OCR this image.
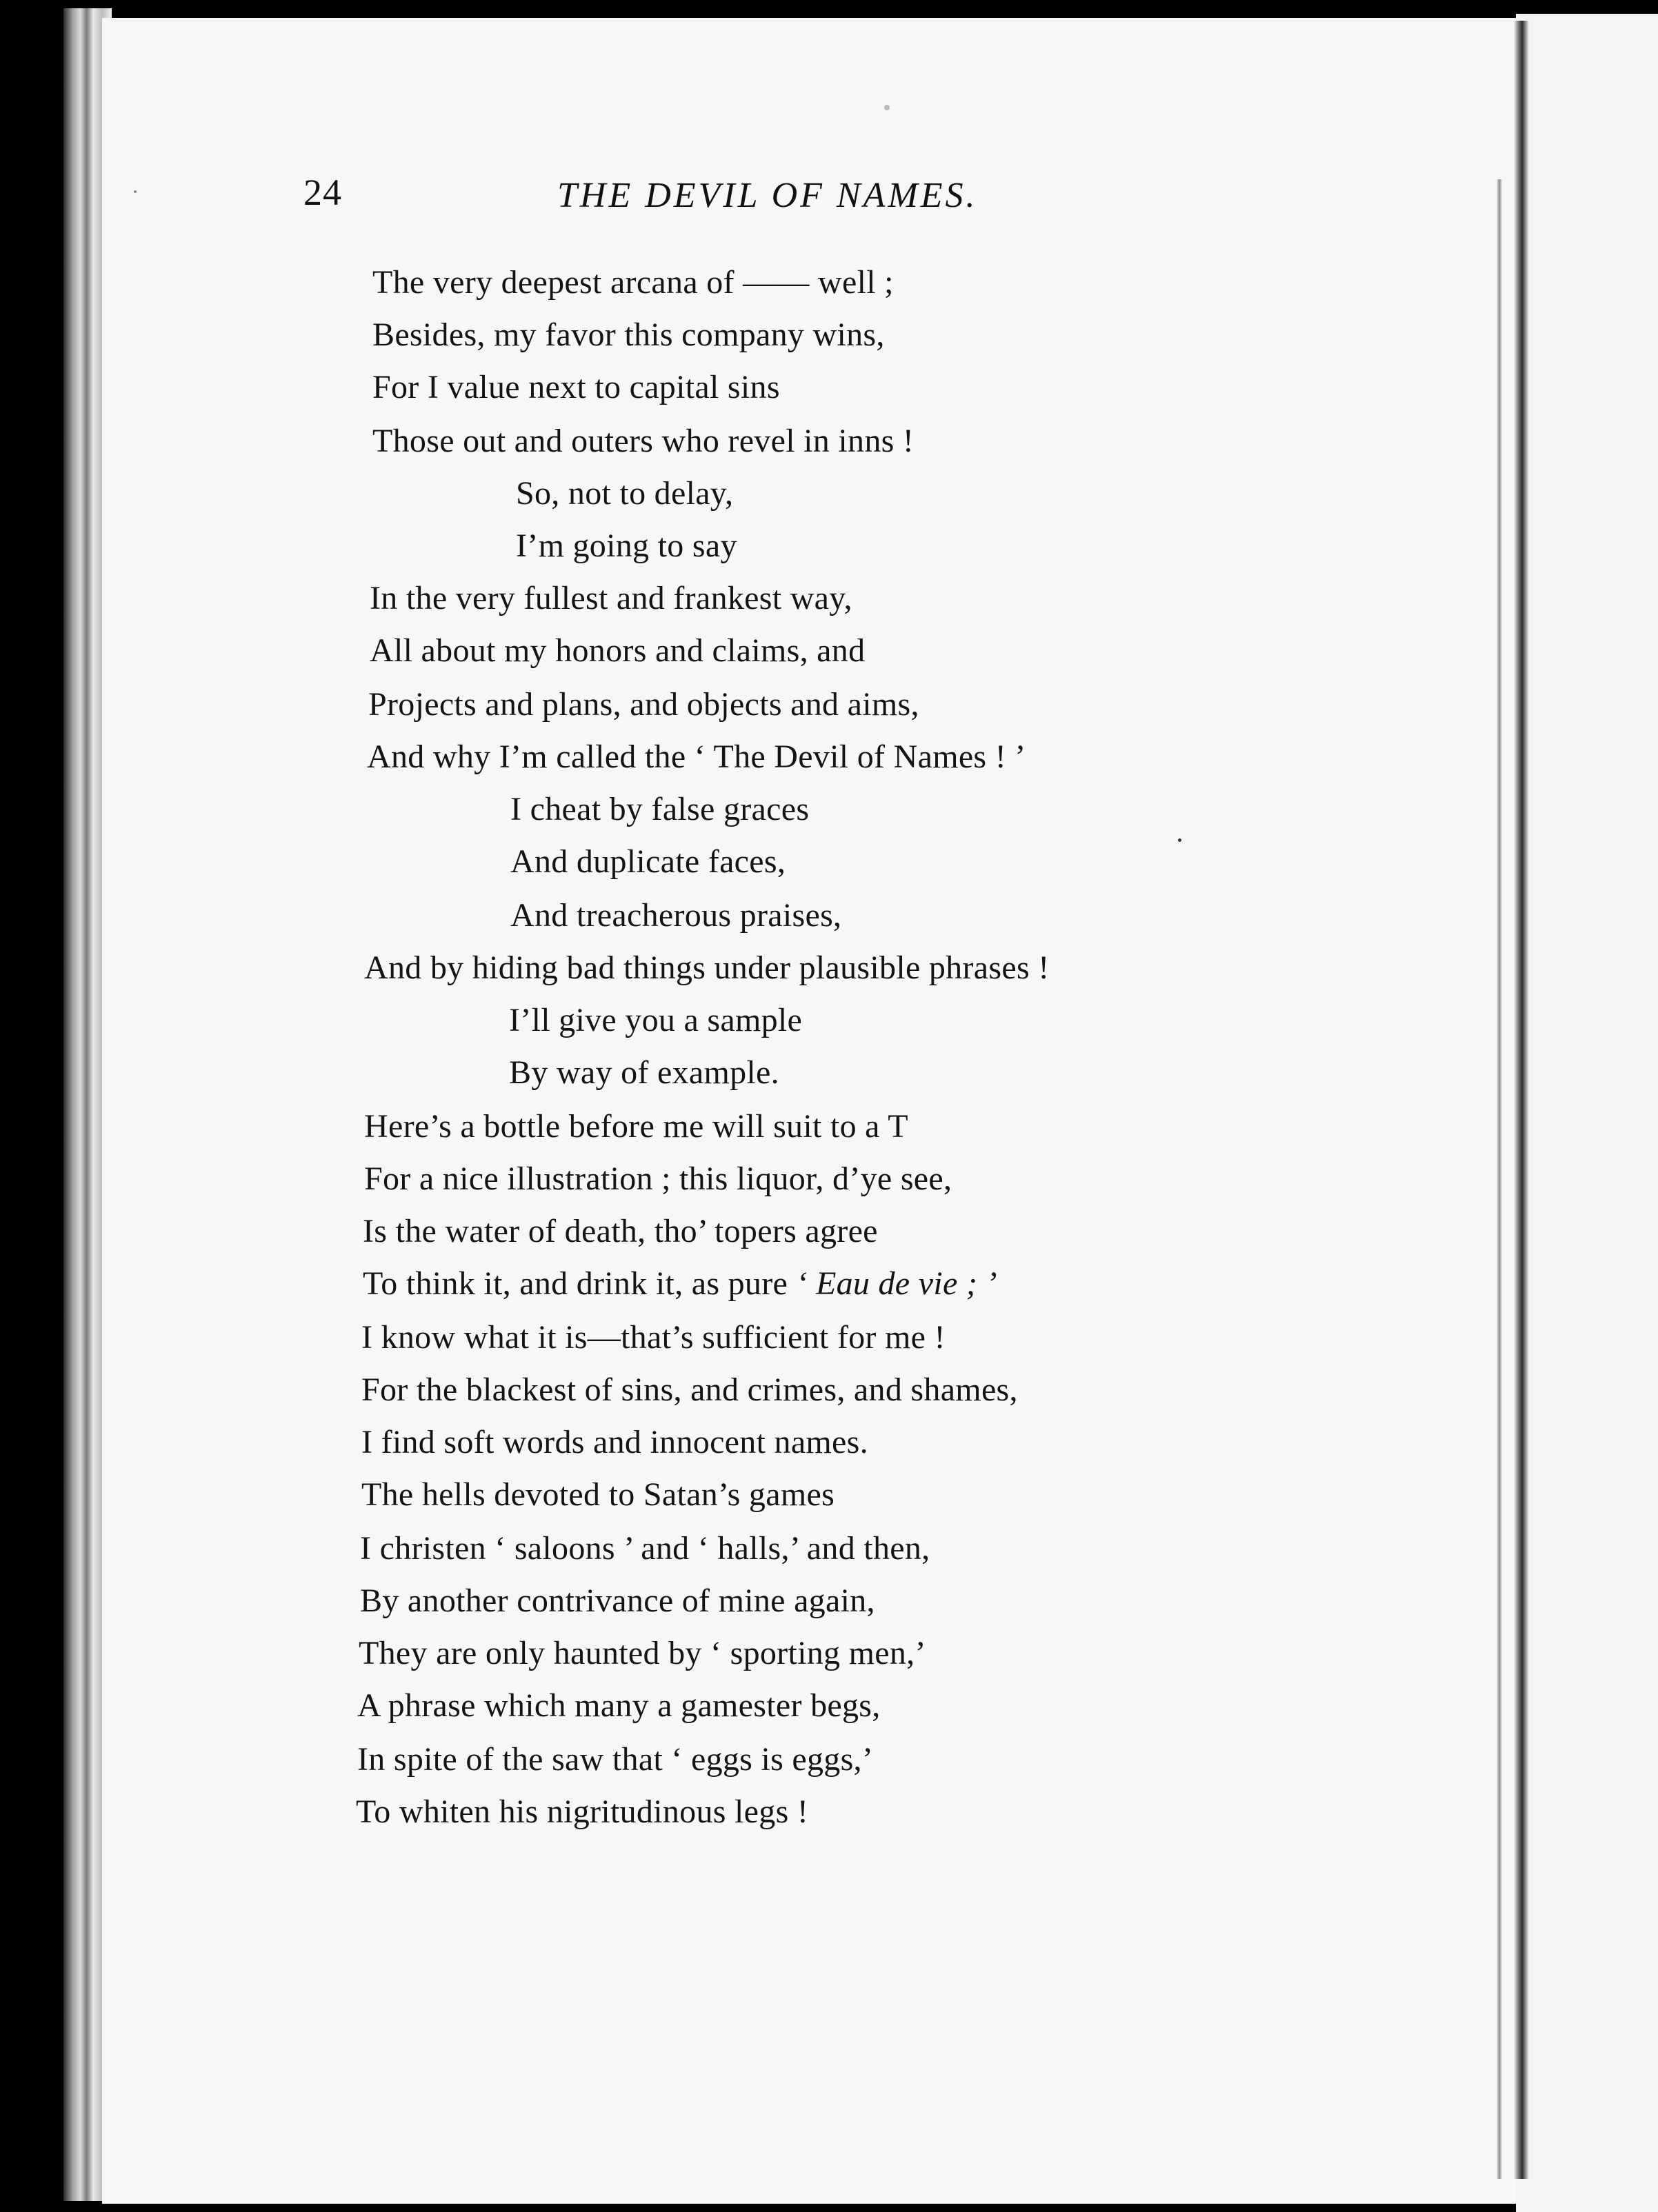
24	THE DEVIL OF NAMES.
The very deepest arcana of —— well ;
Besides, my favor this company wins,
For I value next to capital sins
Those out and outers who revel in inns !
So, not to delay,
I’m going to say
In the very fullest and frankest way,
All about my honors and claims, and
Projects and plans, and objects and aims,
And why I’m called the ‘ The Devil of Names ! ’
I cheat by false graces
And duplicate faces,
And treacherous praises,
And by hiding bad things under plausible phrases !
I’ll give you a sample
By way of example.
Here’s a bottle before me will suit to a T
For a nice illustration ; this liquor, d’ye see,
Is the water of death, tho’ topers agree
To think it, and drink it, as pure ‘ Eau de vie ; ’
I know what it is—that’s sufficient for me !
For the blackest of sins, and crimes, and shames,
I find soft words and innocent names.
The hells devoted to Satan’s games
I christen ‘ saloons ’ and ‘ halls,’ and then,
By another contrivance of mine again,
They are only haunted by ‘ sporting men,’
A phrase which many a gamester begs,
In spite of the saw that ‘ eggs is eggs,’
To whiten his nigritudinous legs !
